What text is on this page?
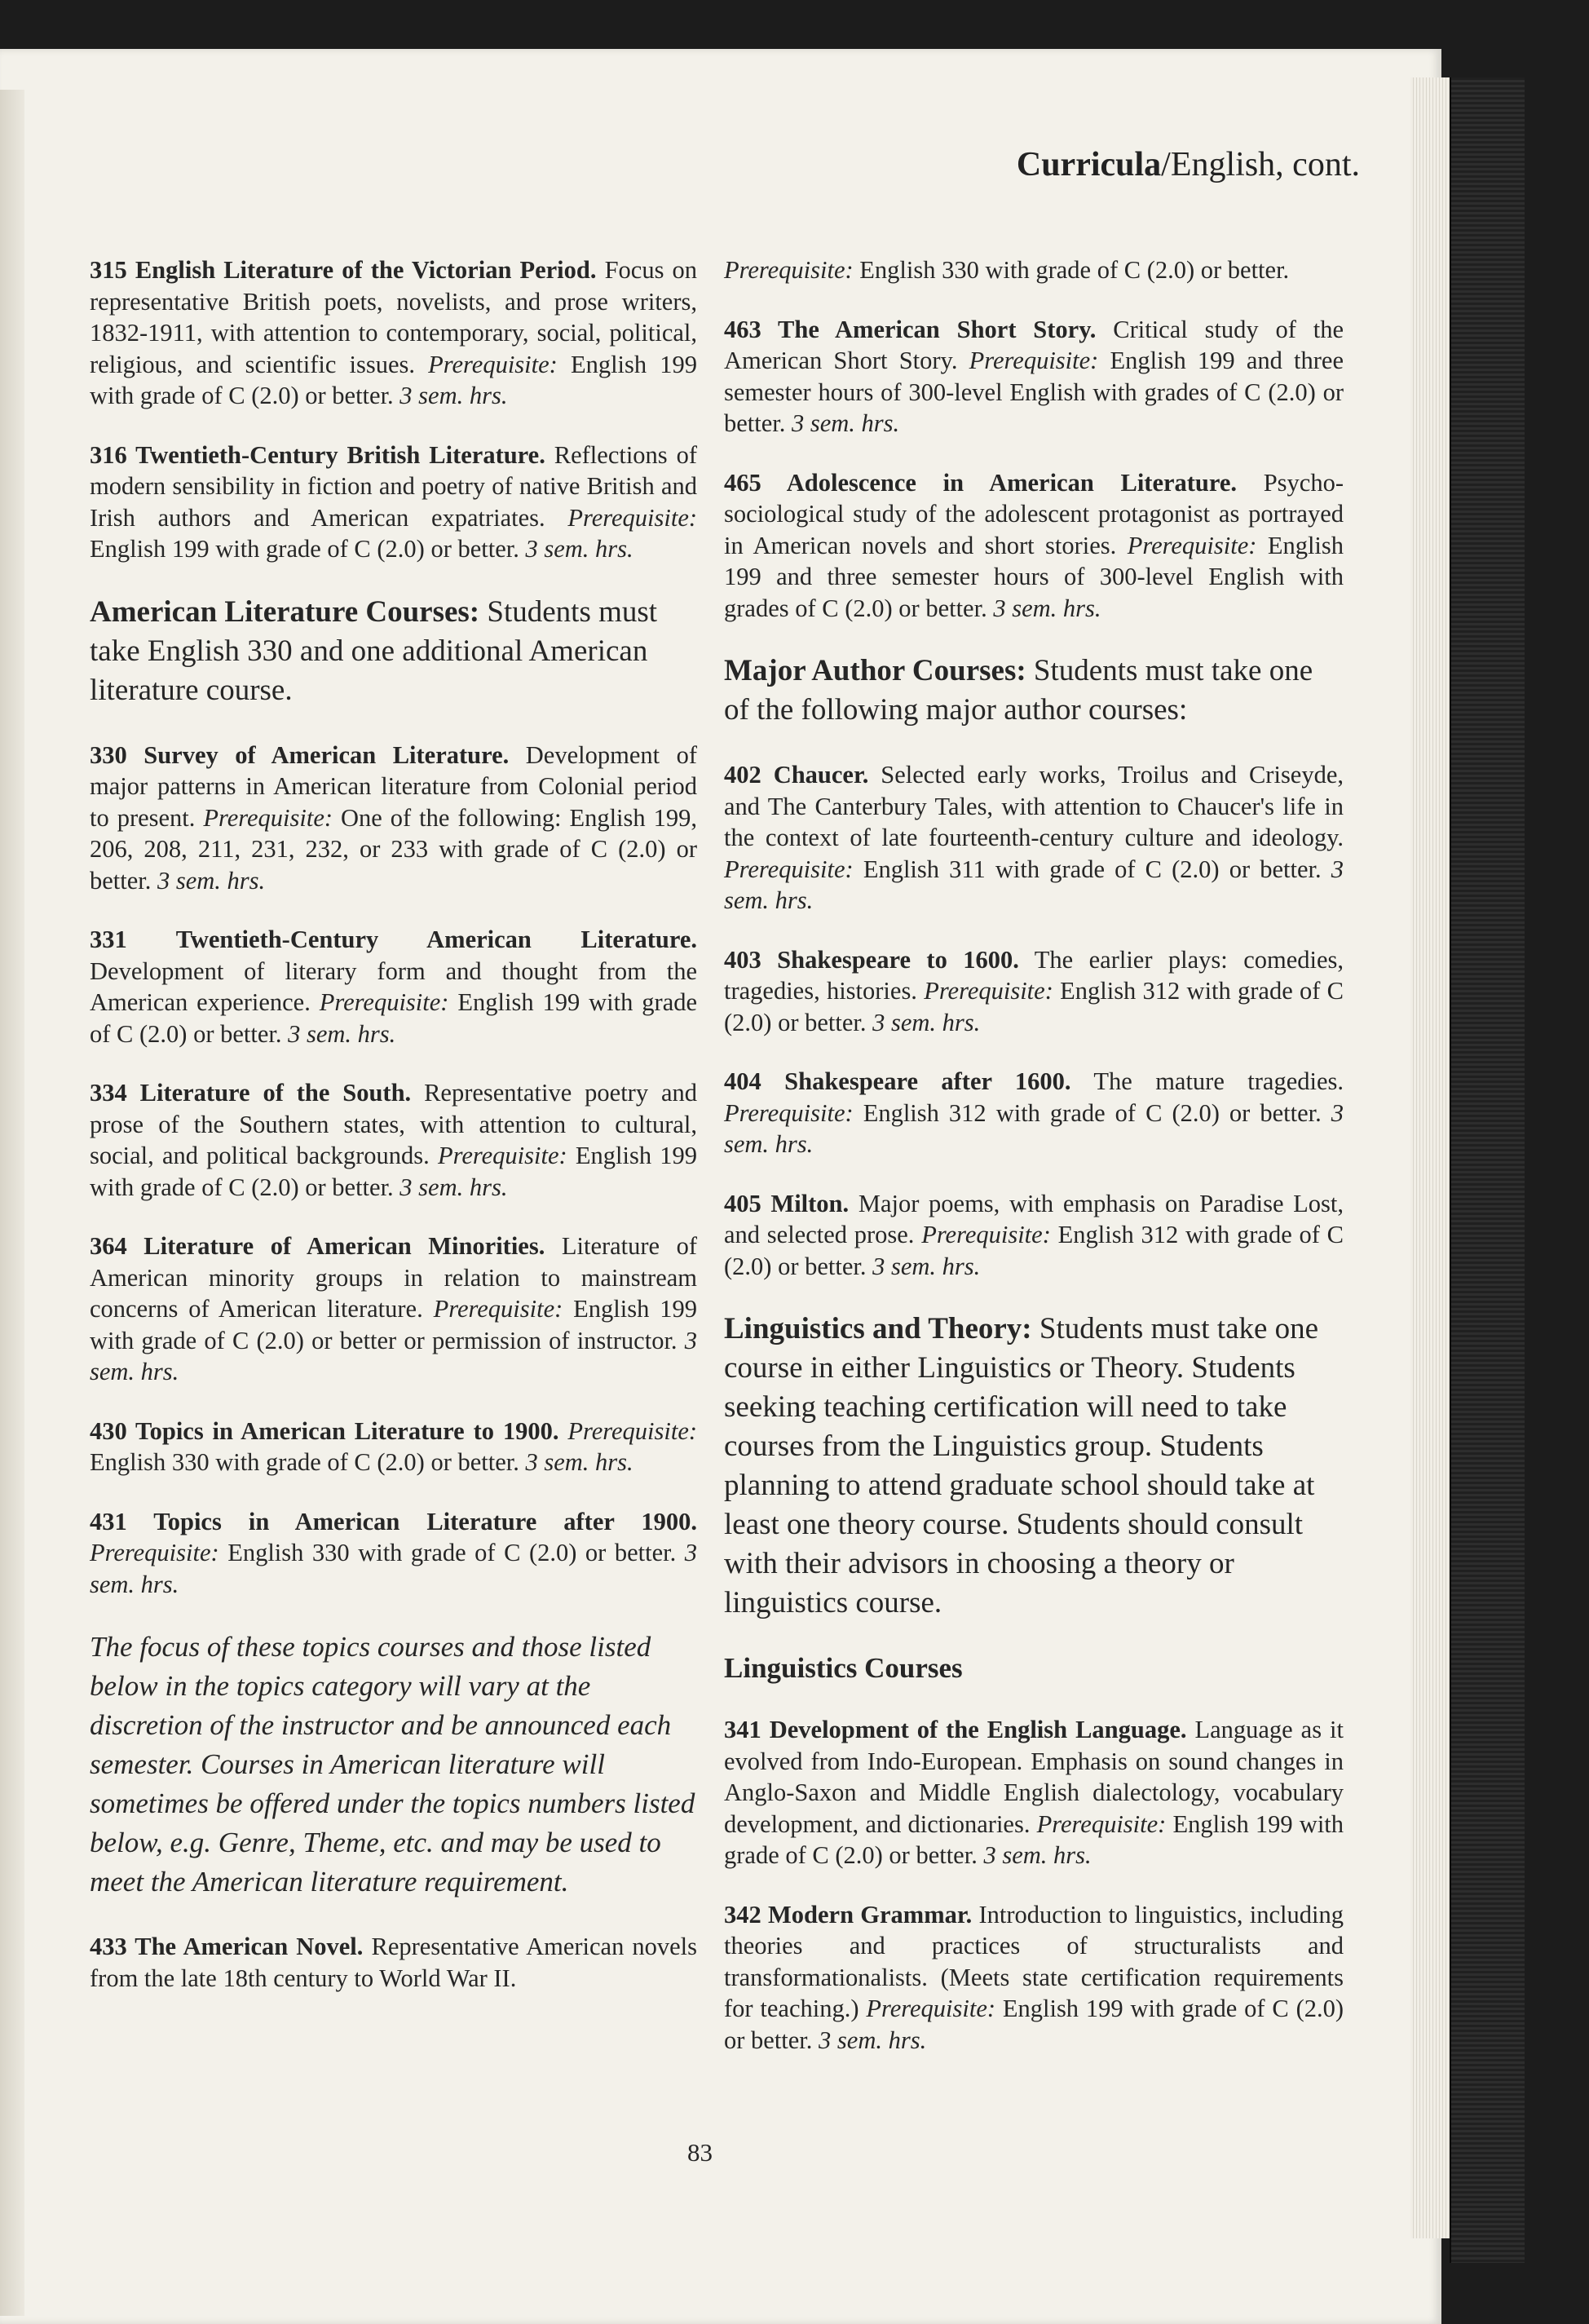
Curricula/English, cont.

315 English Literature of the Victorian Period. Focus on representative British poets, novelists, and prose writers, 1832-1911, with attention to contemporary, social, political, religious, and scientific issues. Prerequisite: English 199 with grade of C (2.0) or better. 3 sem. hrs.

316 Twentieth-Century British Literature. Reflections of modern sensibility in fiction and poetry of native British and Irish authors and American expatriates. Prerequisite: English 199 with grade of C (2.0) or better. 3 sem. hrs.

American Literature Courses: Students must take English 330 and one additional American literature course.

330 Survey of American Literature. Development of major patterns in American literature from Colonial period to present. Prerequisite: One of the following: English 199, 206, 208, 211, 231, 232, or 233 with grade of C (2.0) or better. 3 sem. hrs.

331 Twentieth-Century American Literature. Development of literary form and thought from the American experience. Prerequisite: English 199 with grade of C (2.0) or better. 3 sem. hrs.

334 Literature of the South. Representative poetry and prose of the Southern states, with attention to cultural, social, and political backgrounds. Prerequisite: English 199 with grade of C (2.0) or better. 3 sem. hrs.

364 Literature of American Minorities. Literature of American minority groups in relation to mainstream concerns of American literature. Prerequisite: English 199 with grade of C (2.0) or better or permission of instructor. 3 sem. hrs.

430 Topics in American Literature to 1900. Prerequisite: English 330 with grade of C (2.0) or better. 3 sem. hrs.

431 Topics in American Literature after 1900. Prerequisite: English 330 with grade of C (2.0) or better. 3 sem. hrs.

The focus of these topics courses and those listed below in the topics category will vary at the discretion of the instructor and be announced each semester. Courses in American literature will sometimes be offered under the topics numbers listed below, e.g. Genre, Theme, etc. and may be used to meet the American literature requirement.

433 The American Novel. Representative American novels from the late 18th century to World War II.

Prerequisite: English 330 with grade of C (2.0) or better.

463 The American Short Story. Critical study of the American Short Story. Prerequisite: English 199 and three semester hours of 300-level English with grades of C (2.0) or better. 3 sem. hrs.

465 Adolescence in American Literature. Psycho-sociological study of the adolescent protagonist as portrayed in American novels and short stories. Prerequisite: English 199 and three semester hours of 300-level English with grades of C (2.0) or better. 3 sem. hrs.

Major Author Courses: Students must take one of the following major author courses:

402 Chaucer. Selected early works, Troilus and Criseyde, and The Canterbury Tales, with attention to Chaucer's life in the context of late fourteenth-century culture and ideology. Prerequisite: English 311 with grade of C (2.0) or better. 3 sem. hrs.

403 Shakespeare to 1600. The earlier plays: comedies, tragedies, histories. Prerequisite: English 312 with grade of C (2.0) or better. 3 sem. hrs.

404 Shakespeare after 1600. The mature tragedies. Prerequisite: English 312 with grade of C (2.0) or better. 3 sem. hrs.

405 Milton. Major poems, with emphasis on Paradise Lost, and selected prose. Prerequisite: English 312 with grade of C (2.0) or better. 3 sem. hrs.

Linguistics and Theory: Students must take one course in either Linguistics or Theory. Students seeking teaching certification will need to take courses from the Linguistics group. Students planning to attend graduate school should take at least one theory course. Students should consult with their advisors in choosing a theory or linguistics course.

Linguistics Courses

341 Development of the English Language. Language as it evolved from Indo-European. Emphasis on sound changes in Anglo-Saxon and Middle English dialectology, vocabulary development, and dictionaries. Prerequisite: English 199 with grade of C (2.0) or better. 3 sem. hrs.

342 Modern Grammar. Introduction to linguistics, including theories and practices of structuralists and transformationalists. (Meets state certification requirements for teaching.) Prerequisite: English 199 with grade of C (2.0) or better. 3 sem. hrs.

83
